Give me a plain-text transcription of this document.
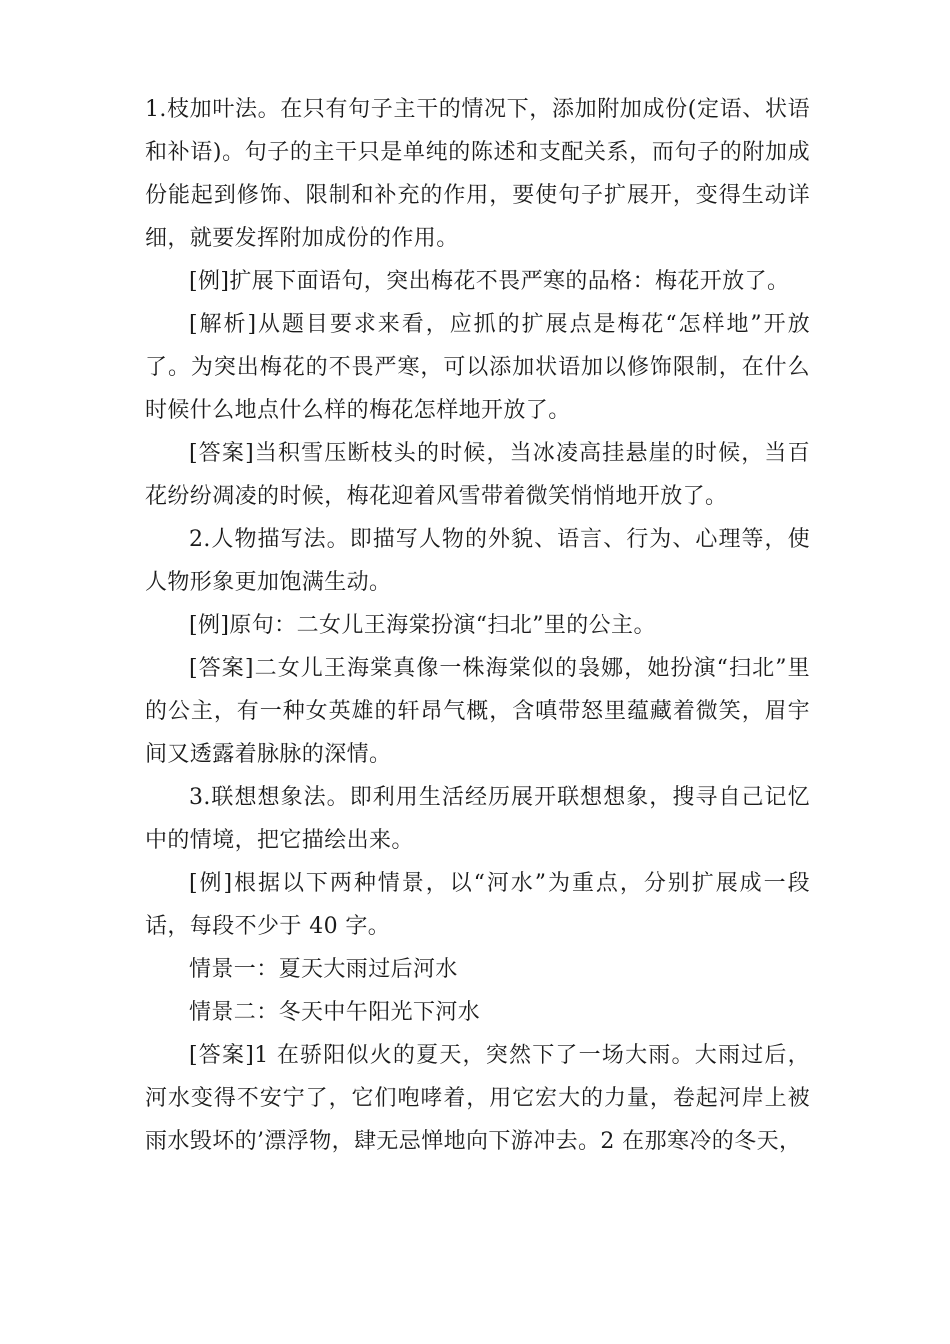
1.枝加叶法。在只有句子主干的情况下，添加附加成份(定语、状语和补语)。句子的主干只是单纯的陈述和支配关系，而句子的附加成份能起到修饰、限制和补充的作用，要使句子扩展开，变得生动详细，就要发挥附加成份的作用。

[例]扩展下面语句，突出梅花不畏严寒的品格：梅花开放了。

[解析]从题目要求来看，应抓的扩展点是梅花“怎样地”开放了。为突出梅花的不畏严寒，可以添加状语加以修饰限制，在什么时候什么地点什么样的梅花怎样地开放了。

[答案]当积雪压断枝头的时候，当冰凌高挂悬崖的时候，当百花纷纷凋凌的时候，梅花迎着风雪带着微笑悄悄地开放了。

2.人物描写法。即描写人物的外貌、语言、行为、心理等，使人物形象更加饱满生动。

[例]原句：二女儿王海棠扮演“扫北”里的公主。

[答案]二女儿王海棠真像一株海棠似的袅娜，她扮演“扫北”里的公主，有一种女英雄的轩昂气概，含嗔带怒里蕴藏着微笑，眉宇间又透露着脉脉的深情。

3.联想想象法。即利用生活经历展开联想想象，搜寻自己记忆中的情境，把它描绘出来。

[例]根据以下两种情景，以“河水”为重点，分别扩展成一段话，每段不少于 40 字。

情景一：夏天大雨过后河水

情景二：冬天中午阳光下河水

[答案]1 在骄阳似火的夏天，突然下了一场大雨。大雨过后，河水变得不安宁了，它们咆哮着，用它宏大的力量，卷起河岸上被雨水毁坏的’漂浮物，肆无忌惮地向下游冲去。2 在那寒冷的冬天，
